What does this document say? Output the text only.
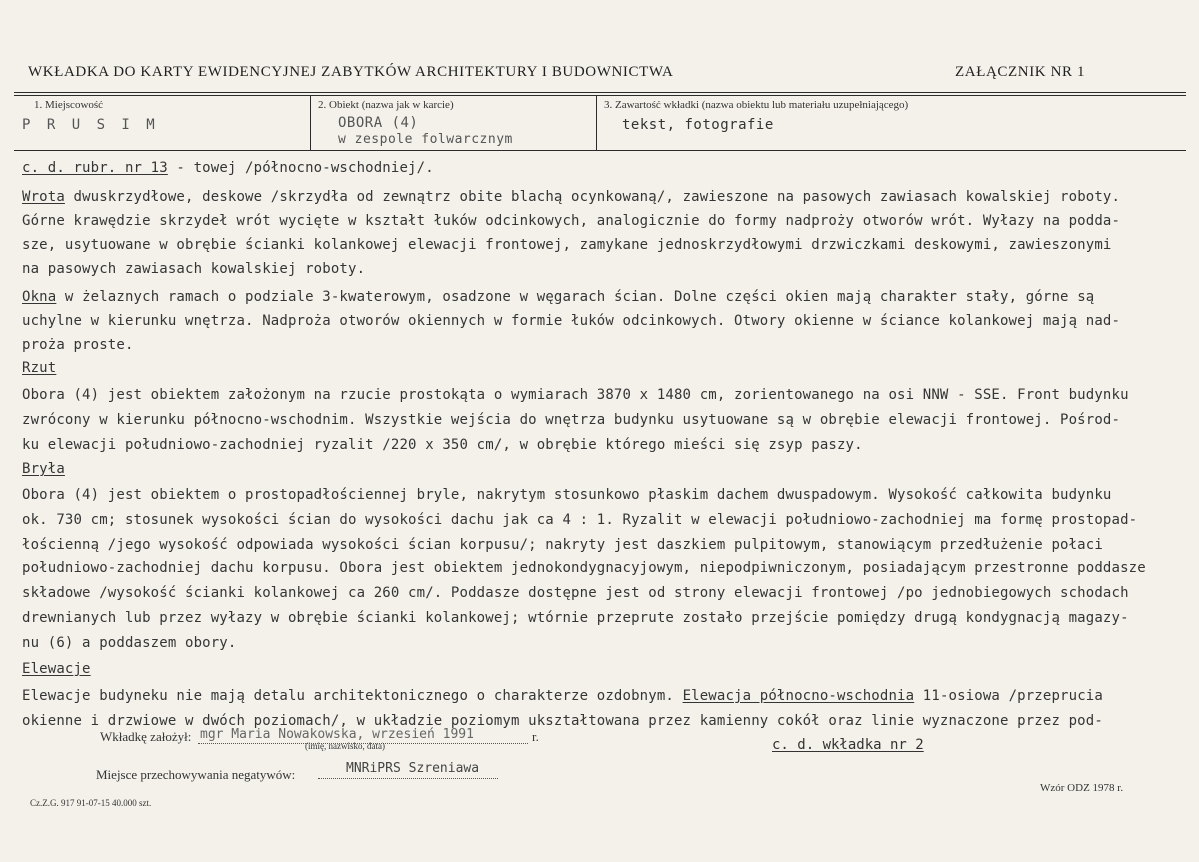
WKŁADKA DO KARTY EWIDENCYJNEJ ZABYTKÓW ARCHITEKTURY I BUDOWNICTWA	ZAŁĄCZNIK NR 1
1. Miejscowość
P R U S I M
2. Obiekt (nazwa jak w karcie)
OBORA (4)
w zespole folwarcznym
3. Zawartość wkładki (nazwa obiektu lub materiału uzupełniającego)
tekst, fotografie
c. d. rubr. nr 13 - towej /północno-wschodniej/.
Wrota dwuskrzydłowe, deskowe /skrzydła od zewnątrz obite blachą ocynkowaną/, zawieszone na pasowych zawiasach kowalskiej roboty.
Górne krawędzie skrzydeł wrót wycięte w kształt łuków odcinkowych, analogicznie do formy nadproży otworów wrót. Wyłazy na podda-
sze, usytuowane w obrębie ścianki kolankowej elewacji frontowej, zamykane jednoskrzydłowymi drzwiczkami deskowymi, zawieszonymi
na pasowych zawiasach kowalskiej roboty.
Okna w żelaznych ramach o podziale 3-kwaterowym, osadzone w węgarach ścian. Dolne części okien mają charakter stały, górne są
uchylne w kierunku wnętrza. Nadproża otworów okiennych w formie łuków odcinkowych. Otwory okienne w ściance kolankowej mają nad-
proża proste.
Rzut
Obora (4) jest obiektem założonym na rzucie prostokąta o wymiarach 3870 x 1480 cm, zorientowanego na osi NNW - SSE. Front budynku
zwrócony w kierunku północno-wschodnim. Wszystkie wejścia do wnętrza budynku usytuowane są w obrębie elewacji frontowej. Pośrod-
ku elewacji południowo-zachodniej ryzalit /220 x 350 cm/, w obrębie którego mieści się zsyp paszy.
Bryła
Obora (4) jest obiektem o prostopadłościennej bryle, nakrytym stosunkowo płaskim dachem dwuspadowym. Wysokość całkowita budynku
ok. 730 cm; stosunek wysokości ścian do wysokości dachu jak ca 4 : 1. Ryzalit w elewacji południowo-zachodniej ma formę prostopad-
łościenną /jego wysokość odpowiada wysokości ścian korpusu/; nakryty jest daszkiem pulpitowym, stanowiącym przedłużenie połaci
południowo-zachodniej dachu korpusu. Obora jest obiektem jednokondygnacyjowym, niepodpiwniczonym, posiadającym przestronne poddasze
składowe /wysokość ścianki kolankowej ca 260 cm/. Poddasze dostępne jest od strony elewacji frontowej /po jednobiegowych schodach
drewnianych lub przez wyłazy w obrębie ścianki kolankowej; wtórnie przeprute zostało przejście pomiędzy drugą kondygnacją magazy-
nu (6) a poddaszem obory.
Elewacje
Elewacje budyneku nie mają detalu architektonicznego o charakterze ozdobnym. Elewacja północno-wschodnia 11-osiowa /przeprucia
okienne i drzwiowe w dwóch poziomach/, w układzie poziomym ukształtowana przez kamienny cokół oraz linie wyznaczone przez pod-
Wkładkę założył: mgr Maria Nowakowska, wrzesień 1991	r.
(imię, nazwisko, data)	c. d. wkładka nr 2
Miejsce przechowywania negatywów:	MNRiPRS Szreniawa
Cz.Z.G. 917 91-07-15 40.000 szt.
Wzór ODZ 1978 r.
